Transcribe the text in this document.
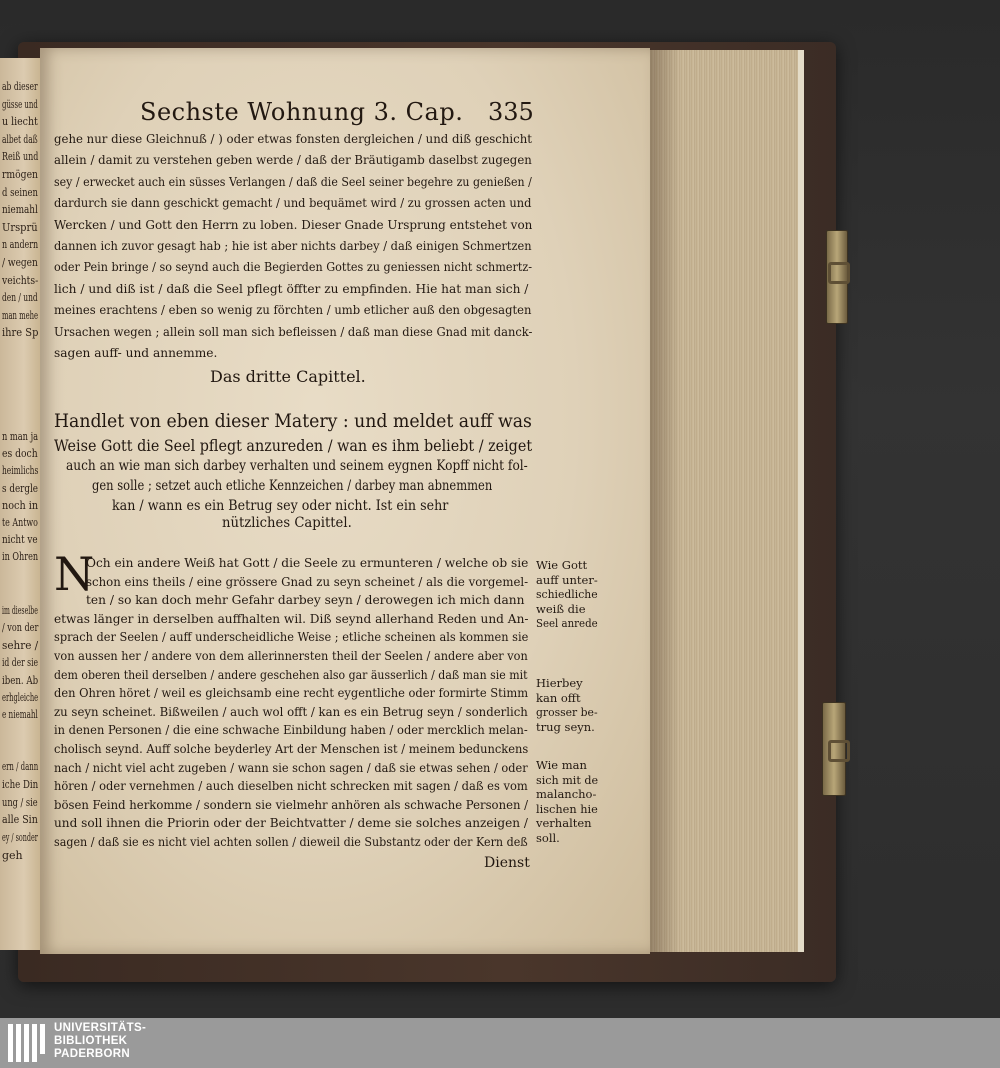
ab dieser
güsse und
u liecht
albet daß
Reiß und
rmögen
d seinen
niemahl
Ursprü
n andern
/ wegen
veichts-
den / und
man mehe
ihre Sp
n man ja
es doch
heimlichs
s dergle
noch in
te Antwo
nicht ve
in Ohren
im dieselbe
/ von der
sehre /
id der sie
iben. Ab
erhgleiche
e niemahl
ern / dann
iche Din
ung / sie
alle Sin
ey / sonder
geh
Sechste Wohnung 3. Cap. 335
gehe nur diese Gleichnuß / ) oder etwas fonsten dergleichen / und diß geschicht
allein / damit zu verstehen geben werde / daß der Bräutigamb daselbst zugegen
sey / erwecket auch ein süsses Verlangen / daß die Seel seiner begehre zu genießen /
dardurch sie dann geschickt gemacht / und bequämet wird / zu grossen acten und
Wercken / und Gott den Herrn zu loben. Dieser Gnade Ursprung entstehet von
dannen ich zuvor gesagt hab ; hie ist aber nichts darbey / daß einigen Schmertzen
oder Pein bringe / so seynd auch die Begierden Gottes zu geniessen nicht schmertz-
lich / und diß ist / daß die Seel pflegt öffter zu empfinden. Hie hat man sich /
meines erachtens / eben so wenig zu förchten / umb etlicher auß den obgesagten
Ursachen wegen ; allein soll man sich befleissen / daß man diese Gnad mit danck-
sagen auff- und annemme.
Das dritte Capittel.
Handlet von eben dieser Matery : und meldet auff was
Weise Gott die Seel pflegt anzureden / wan es ihm beliebt / zeiget
auch an wie man sich darbey verhalten und seinem eygnen Kopff nicht fol-
gen solle ; setzet auch etliche Kennzeichen / darbey man abnemmen
kan / wann es ein Betrug sey oder nicht. Ist ein sehr
nützliches Capittel.
N
Och ein andere Weiß hat Gott / die Seele zu ermunteren / welche ob sie
schon eins theils / eine grössere Gnad zu seyn scheinet / als die vorgemel-
ten / so kan doch mehr Gefahr darbey seyn / derowegen ich mich dann
etwas länger in derselben auffhalten wil. Diß seynd allerhand Reden und An-
sprach der Seelen / auff underscheidliche Weise ; etliche scheinen als kommen sie
von aussen her / andere von dem allerinnersten theil der Seelen / andere aber von
dem oberen theil derselben / andere geschehen also gar äusserlich / daß man sie mit
den Ohren höret / weil es gleichsamb eine recht eygentliche oder formirte Stimm
zu seyn scheinet. Bißweilen / auch wol offt / kan es ein Betrug seyn / sonderlich
in denen Personen / die eine schwache Einbildung haben / oder mercklich melan-
cholisch seynd. Auff solche beyderley Art der Menschen ist / meinem bedunckens
nach / nicht viel acht zugeben / wann sie schon sagen / daß sie etwas sehen / oder
hören / oder vernehmen / auch dieselben nicht schrecken mit sagen / daß es vom
bösen Feind herkomme / sondern sie vielmehr anhören als schwache Personen /
und soll ihnen die Priorin oder der Beichtvatter / deme sie solches anzeigen /
sagen / daß sie es nicht viel achten sollen / dieweil die Substantz oder der Kern deß
Wie Gott
auff unter-
schiedliche
weiß die
Seel anrede
Hierbey
kan offt
grosser be-
trug seyn.
Wie man
sich mit de
malancho-
lischen hie
verhalten
soll.
Dienst
UNIVERSITÄTS-
BIBLIOTHEK
PADERBORN
